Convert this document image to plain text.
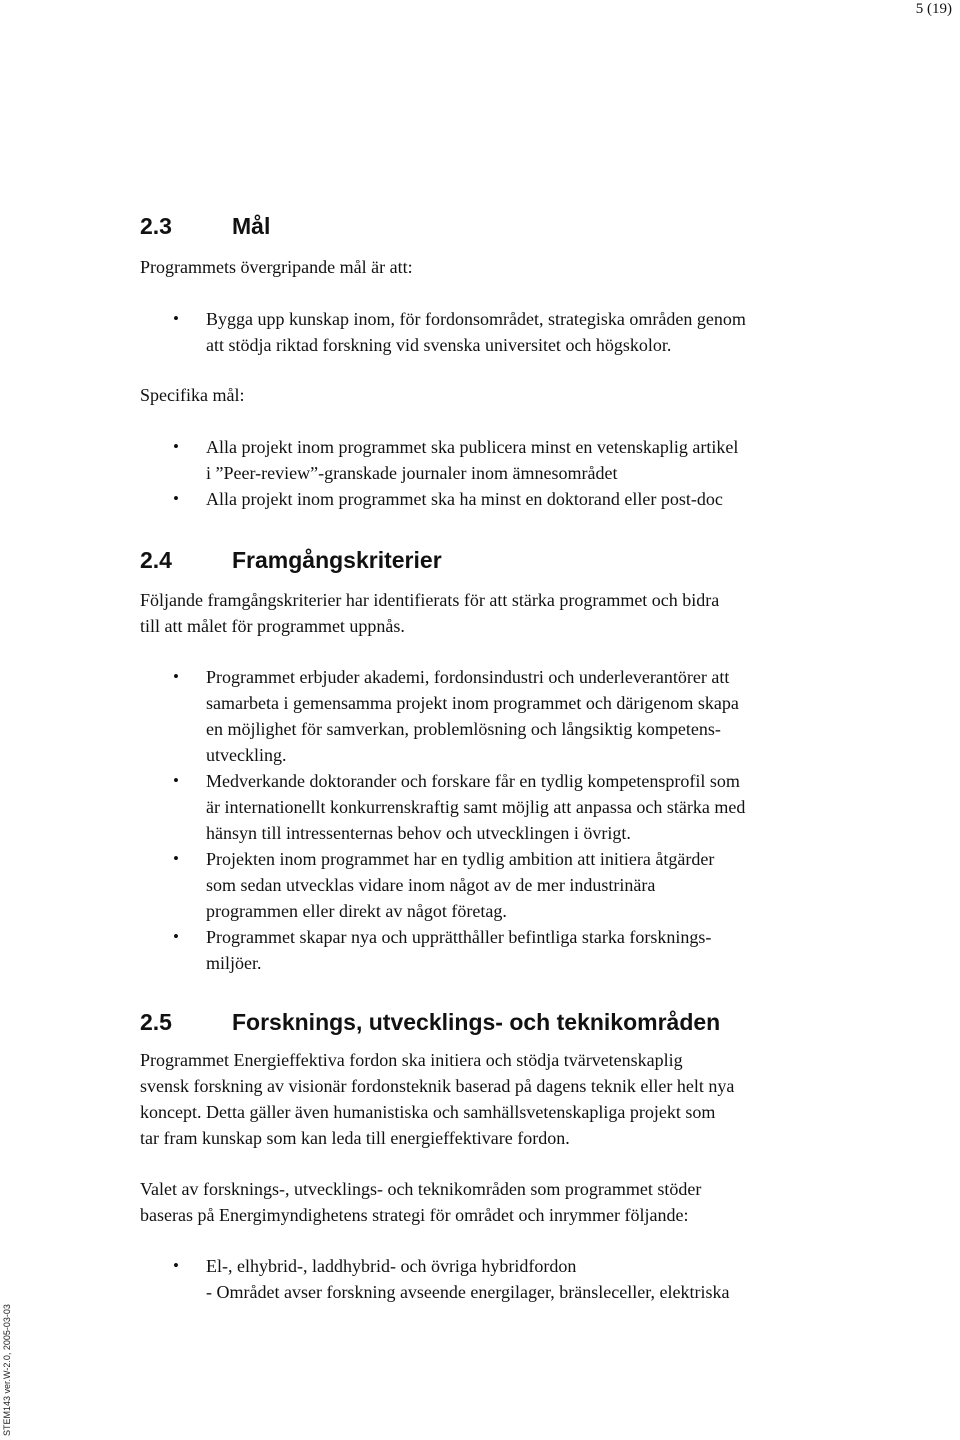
5 (19)
2.3	Mål

Programmets övergripande mål är att:

• Bygga upp kunskap inom, för fordonsområdet, strategiska områden genom
att stödja riktad forskning vid svenska universitet och högskolor.

Specifika mål:

• Alla projekt inom programmet ska publicera minst en vetenskaplig artikel
i ”Peer-review”-granskade journaler inom ämnesområdet
• Alla projekt inom programmet ska ha minst en doktorand eller post-doc
2.4	Framgångskriterier

Följande framgångskriterier har identifierats för att stärka programmet och bidra
till att målet för programmet uppnås.

• Programmet erbjuder akademi, fordonsindustri och underleverantörer att
samarbeta i gemensamma projekt inom programmet och därigenom skapa
en möjlighet för samverkan, problemlösning och långsiktig kompetens-
utveckling.
• Medverkande doktorander och forskare får en tydlig kompetensprofil som
är internationellt konkurrenskraftig samt möjlig att anpassa och stärka med
hänsyn till intressenternas behov och utvecklingen i övrigt.
• Projekten inom programmet har en tydlig ambition att initiera åtgärder
som sedan utvecklas vidare inom något av de mer industrinära
programmen eller direkt av något företag.
• Programmet skapar nya och upprätthåller befintliga starka forsknings-
miljöer.
2.5	Forsknings, utvecklings- och teknikområden

Programmet Energieffektiva fordon ska initiera och stödja tvärvetenskaplig
svensk forskning av visionär fordonsteknik baserad på dagens teknik eller helt nya
koncept. Detta gäller även humanistiska och samhällsvetenskapliga projekt som
tar fram kunskap som kan leda till energieffektivare fordon.

Valet av forsknings-, utvecklings- och teknikområden som programmet stöder
baseras på Energimyndighetens strategi för området och inrymmer följande:

• El-, elhybrid-, laddhybrid- och övriga hybridfordon
- Området avser forskning avseende energilager, bränsleceller, elektriska
STEM143 ver.W-2.0, 2005-03-03
